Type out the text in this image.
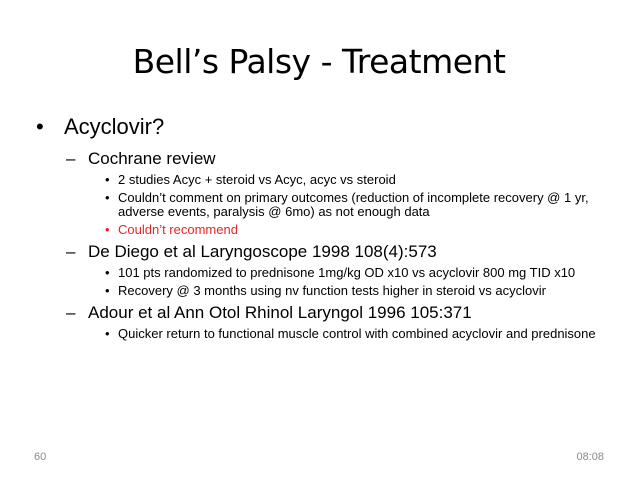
Bell’s Palsy - Treatment
• Acyclovir?
– Cochrane review
• 2 studies Acyc + steroid vs Acyc, acyc vs steroid
• Couldn’t comment on primary outcomes (reduction of incomplete recovery @ 1 yr, adverse events, paralysis @ 6mo) as not enough data
• Couldn’t recommend
– De Diego et al Laryngoscope 1998 108(4):573
• 101 pts randomized to prednisone 1mg/kg OD x10 vs acyclovir 800 mg TID x10
• Recovery @ 3 months using nv function tests higher in steroid vs acyclovir
– Adour et al Ann Otol Rhinol Laryngol 1996 105:371
• Quicker return to functional muscle control with combined acyclovir and prednisone
60	08:08
